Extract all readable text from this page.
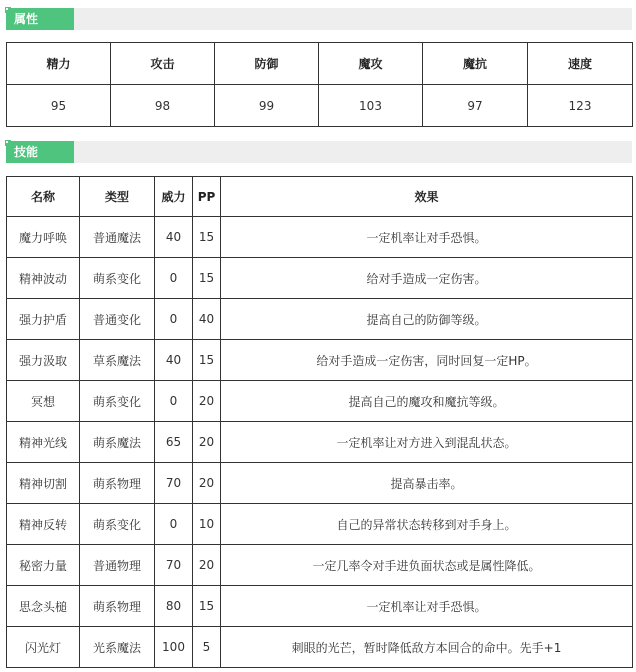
属性
精力	攻击	防御	魔攻	魔抗	速度
95	98	99	103	97	123
技能
名称	类型	威力	PP	效果
魔力呼唤	普通魔法	40	15	一定机率让对手恐惧。
精神波动	萌系变化	0	15	给对手造成一定伤害。
强力护盾	普通变化	0	40	提高自己的防御等级。
强力汲取	草系魔法	40	15	给对手造成一定伤害，同时回复一定HP。
冥想	萌系变化	0	20	提高自己的魔攻和魔抗等级。
精神光线	萌系魔法	65	20	一定机率让对方进入到混乱状态。
精神切割	萌系物理	70	20	提高暴击率。
精神反转	萌系变化	0	10	自己的异常状态转移到对手身上。
秘密力量	普通物理	70	20	一定几率令对手进负面状态或是属性降低。
思念头槌	萌系物理	80	15	一定机率让对手恐惧。
闪光灯	光系魔法	100	5	刺眼的光芒，暂时降低敌方本回合的命中。先手+1
